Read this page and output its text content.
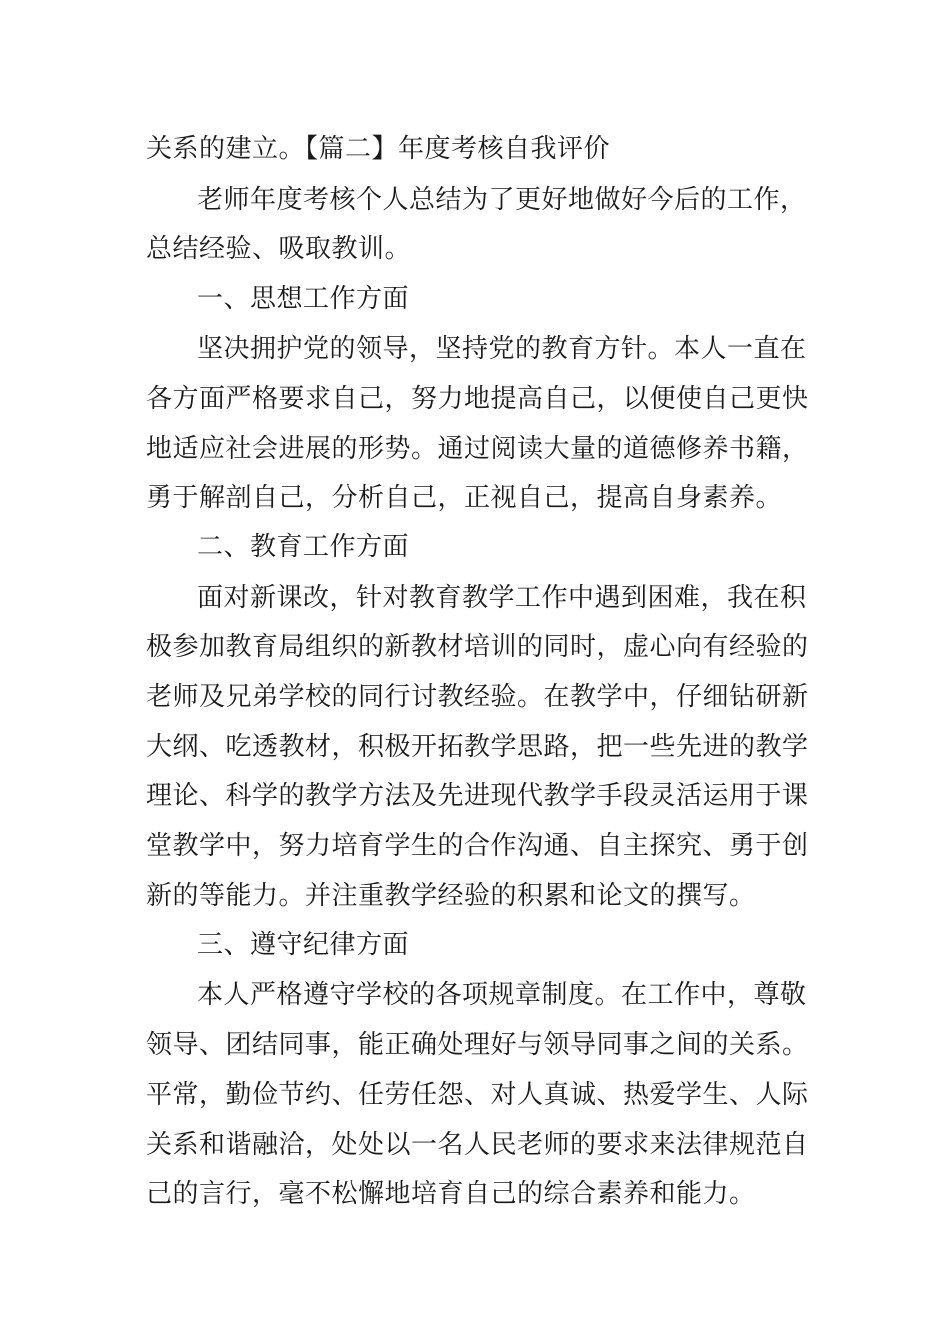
关系的建立。【篇二】年度考核自我评价
老师年度考核个人总结为了更好地做好今后的工作，
总结经验、吸取教训。
一、思想工作方面
坚决拥护党的领导，坚持党的教育方针。本人一直在
各方面严格要求自己，努力地提高自己，以便使自己更快
地适应社会进展的形势。通过阅读大量的道德修养书籍，
勇于解剖自己，分析自己，正视自己，提高自身素养。
二、教育工作方面
面对新课改，针对教育教学工作中遇到困难，我在积
极参加教育局组织的新教材培训的同时，虚心向有经验的
老师及兄弟学校的同行讨教经验。在教学中，仔细钻研新
大纲、吃透教材，积极开拓教学思路，把一些先进的教学
理论、科学的教学方法及先进现代教学手段灵活运用于课
堂教学中，努力培育学生的合作沟通、自主探究、勇于创
新的等能力。并注重教学经验的积累和论文的撰写。
三、遵守纪律方面
本人严格遵守学校的各项规章制度。在工作中，尊敬
领导、团结同事，能正确处理好与领导同事之间的关系。
平常，勤俭节约、任劳任怨、对人真诚、热爱学生、人际
关系和谐融洽，处处以一名人民老师的要求来法律规范自
己的言行，毫不松懈地培育自己的综合素养和能力。
